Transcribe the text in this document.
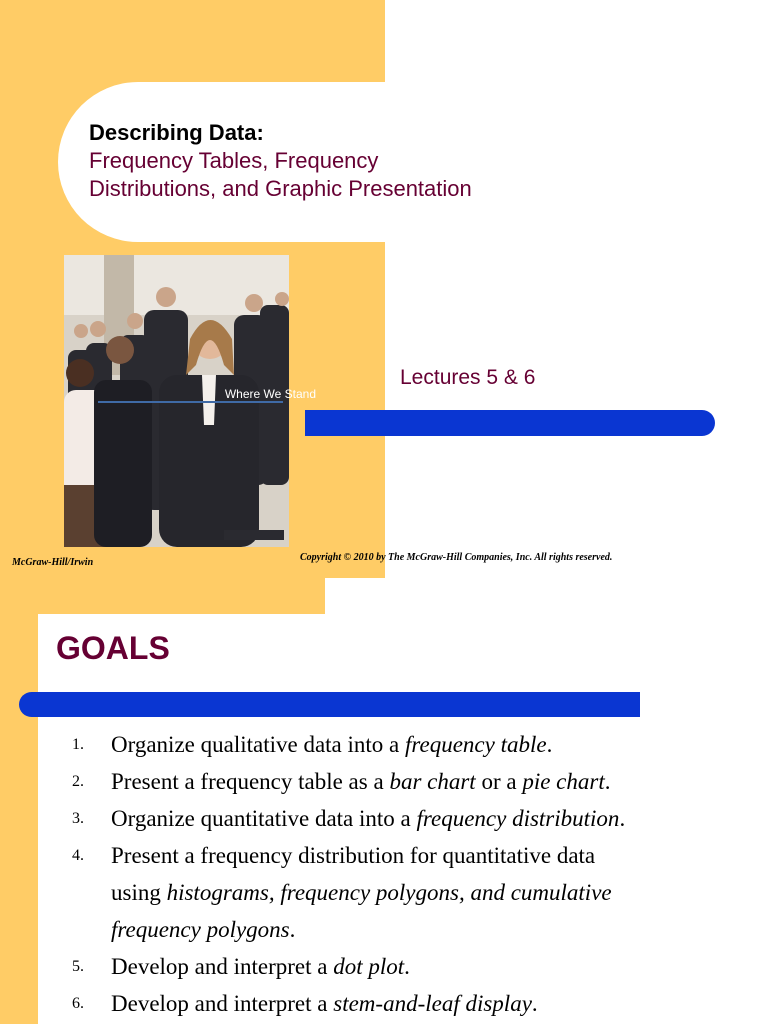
Describing Data:
Frequency Tables, Frequency
Distributions, and Graphic Presentation
Where We Stand
Lectures 5 & 6
McGraw-Hill/Irwin	Copyright © 2010 by The McGraw-Hill Companies, Inc. All rights reserved.
GOALS
1. Organize qualitative data into a frequency table.
2. Present a frequency table as a bar chart or a pie chart.
3. Organize quantitative data into a frequency distribution.
4. Present a frequency distribution for quantitative data
using histograms, frequency polygons, and cumulative
frequency polygons.
5. Develop and interpret a dot plot.
6. Develop and interpret a stem-and-leaf display.
